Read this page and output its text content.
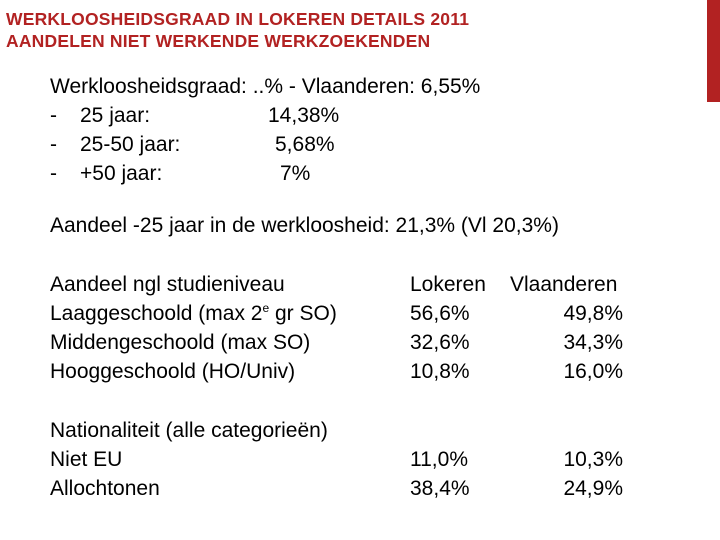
WERKLOOSHEIDSGRAAD IN LOKEREN DETAILS 2011
AANDELEN NIET WERKENDE WERKZOEKENDEN
Werkloosheidsgraad: ..% - Vlaanderen: 6,55%
- 25 jaar:	14,38%
- 25-50 jaar:	5,68%
- +50 jaar:	7%
Aandeel -25 jaar in de werkloosheid: 21,3% (Vl 20,3%)
Aandeel ngl studieniveau	Lokeren Vlaanderen
Laaggeschoold (max 2e gr SO)	56,6%	49,8%
Middengeschoold (max SO)	32,6%	34,3%
Hooggeschoold (HO/Univ)	10,8%	16,0%
Nationaliteit (alle categorieën)
Niet EU	11,0%	10,3%
Allochtonen	38,4%	24,9%
